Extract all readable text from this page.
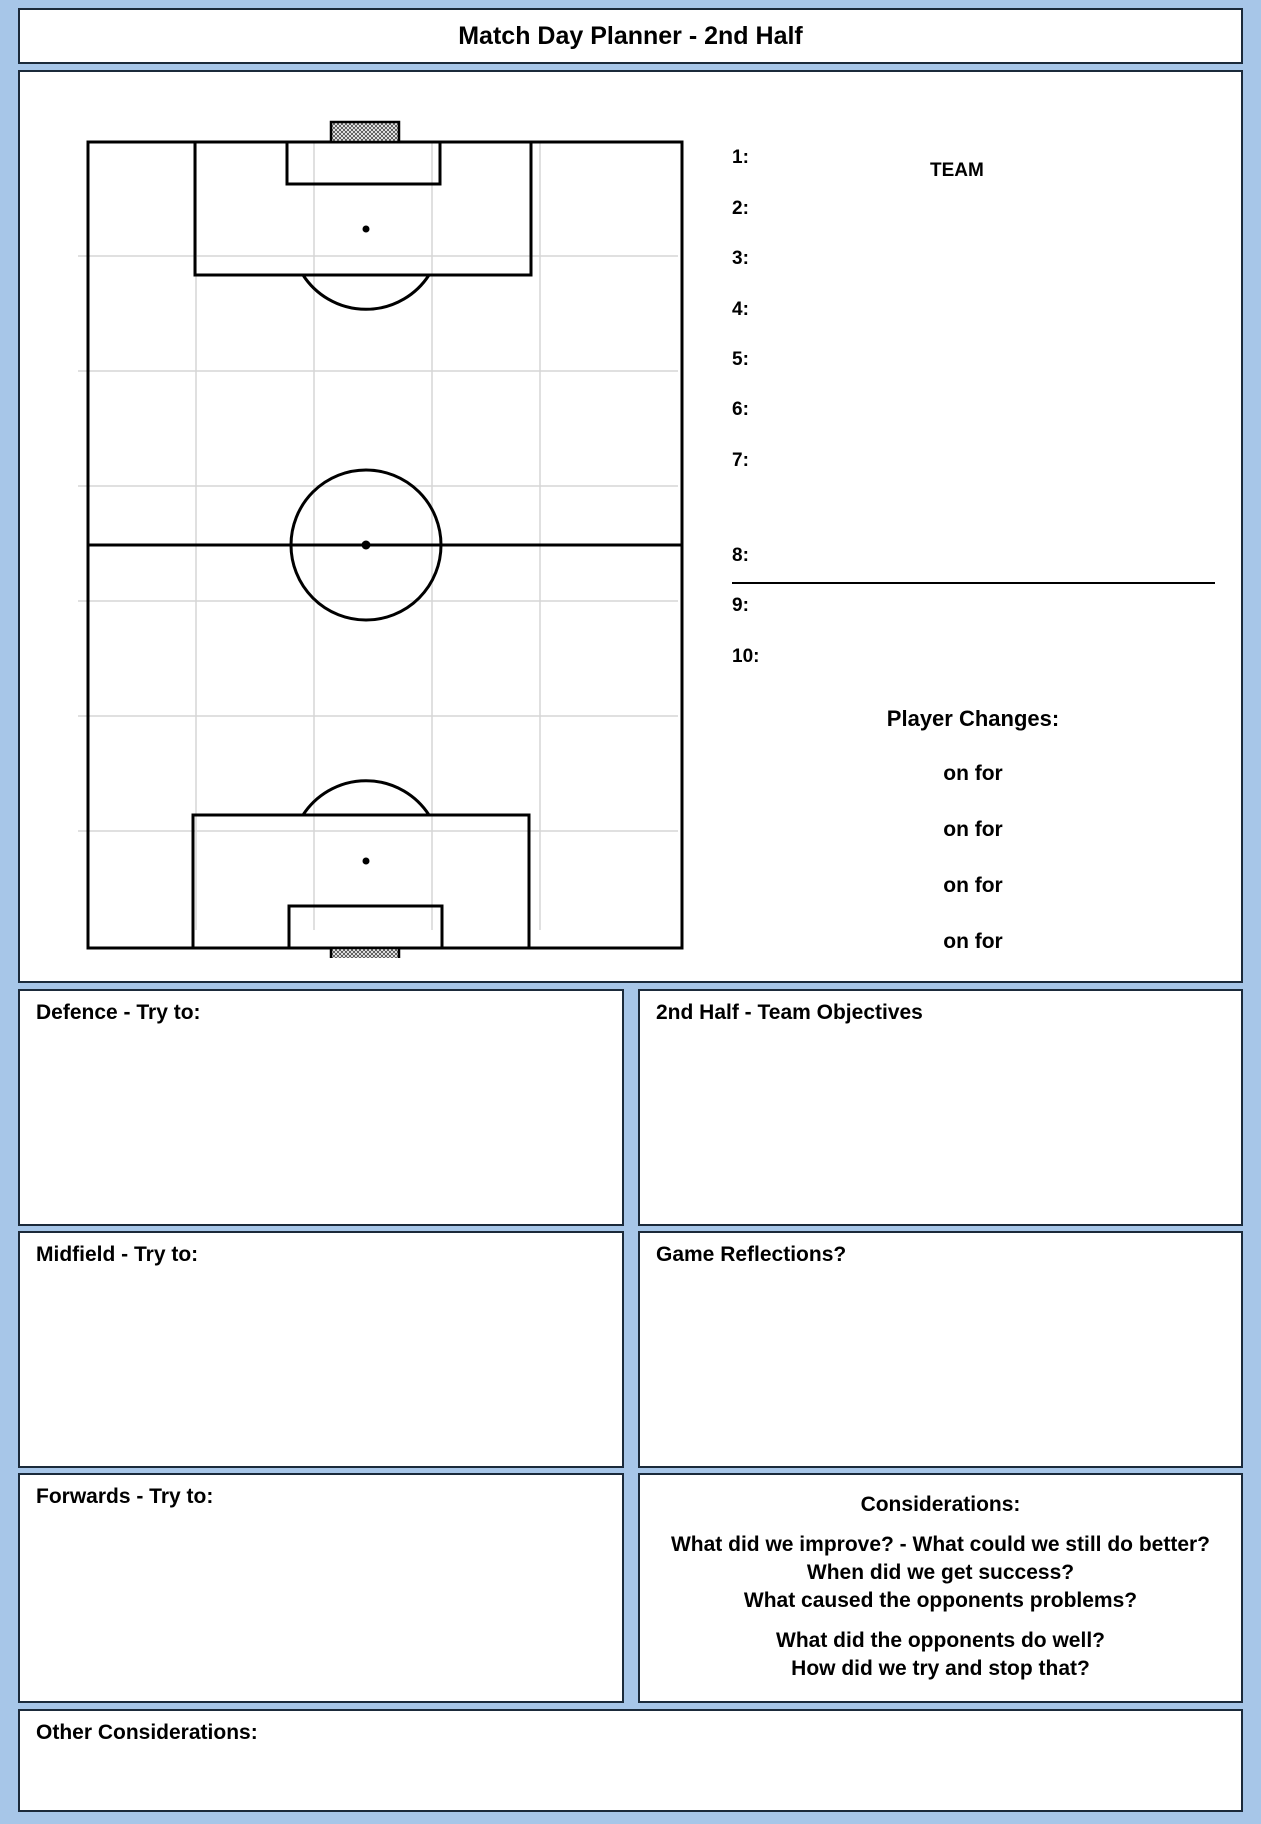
Match Day Planner - 2nd Half
TEAM
1:
2:
3:
4:
5:
6:
7:
8:
9:
10:
Player Changes:
on for
on for
on for
on for
Defence - Try to:	2nd Half - Team Objectives
Midfield - Try to:	Game Reflections?
Forwards - Try to:	Considerations:
What did we improve? - What could we still do better?
When did we get success?
What caused the opponents problems?
What did the opponents do well?
How did we try and stop that?
Other Considerations:
